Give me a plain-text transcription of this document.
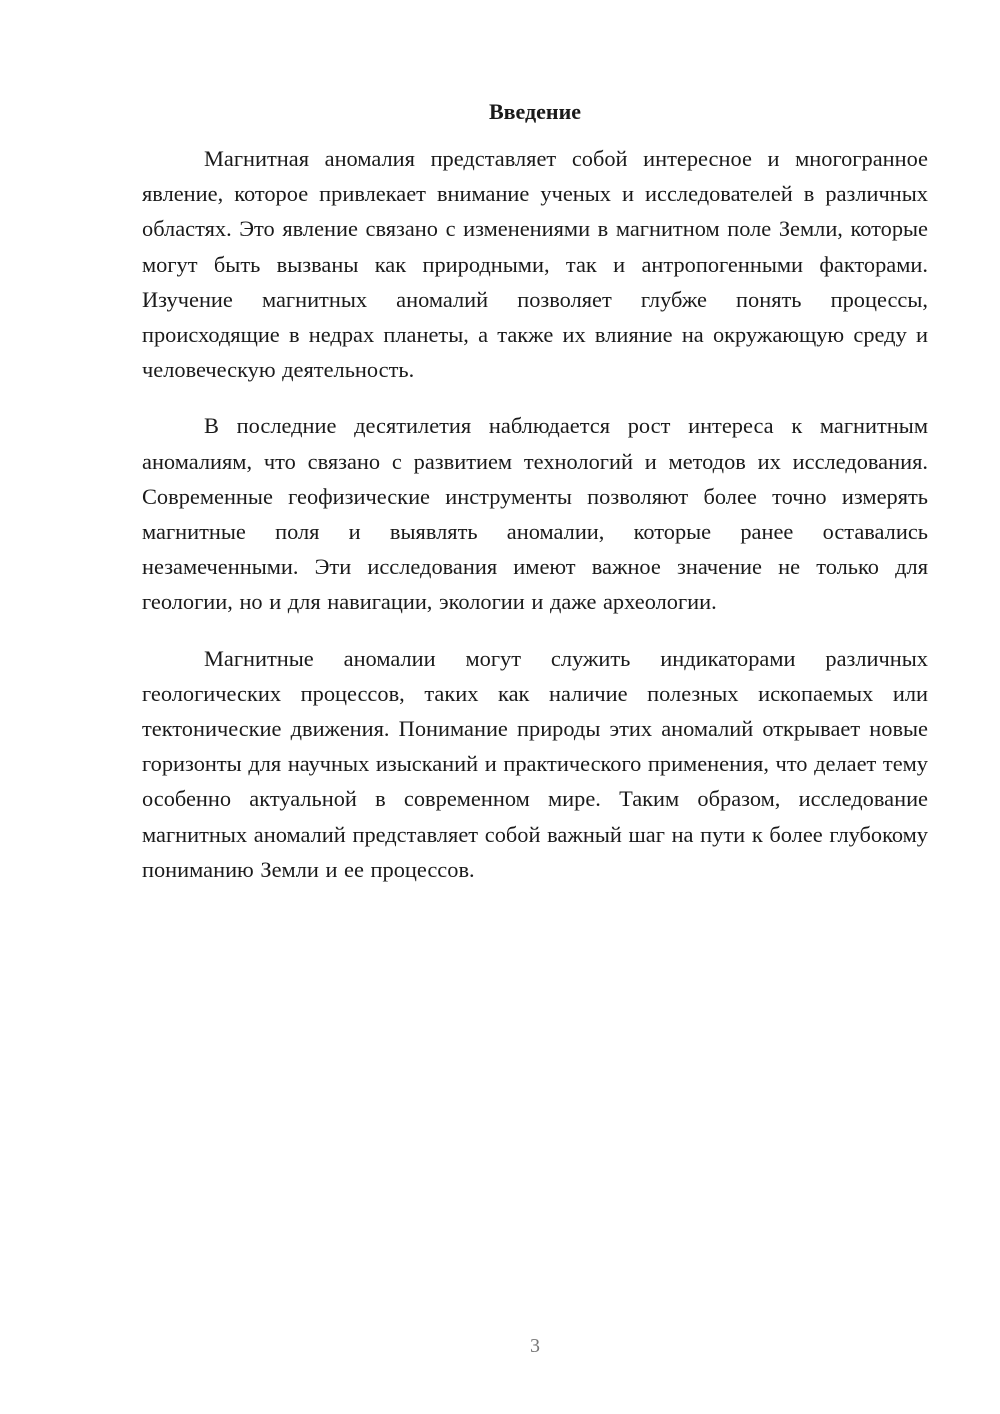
Введение

Магнитная аномалия представляет собой интересное и многогранное явление, которое привлекает внимание ученых и исследователей в различных областях. Это явление связано с изменениями в магнитном поле Земли, которые могут быть вызваны как природными, так и антропогенными факторами. Изучение магнитных аномалий позволяет глубже понять процессы, происходящие в недрах планеты, а также их влияние на окружающую среду и человеческую деятельность.

В последние десятилетия наблюдается рост интереса к магнитным аномалиям, что связано с развитием технологий и методов их исследования. Современные геофизические инструменты позволяют более точно измерять магнитные поля и выявлять аномалии, которые ранее оставались незамеченными. Эти исследования имеют важное значение не только для геологии, но и для навигации, экологии и даже археологии.

Магнитные аномалии могут служить индикаторами различных геологических процессов, таких как наличие полезных ископаемых или тектонические движения. Понимание природы этих аномалий открывает новые горизонты для научных изысканий и практического применения, что делает тему особенно актуальной в современном мире. Таким образом, исследование магнитных аномалий представляет собой важный шаг на пути к более глубокому пониманию Земли и ее процессов.

3
